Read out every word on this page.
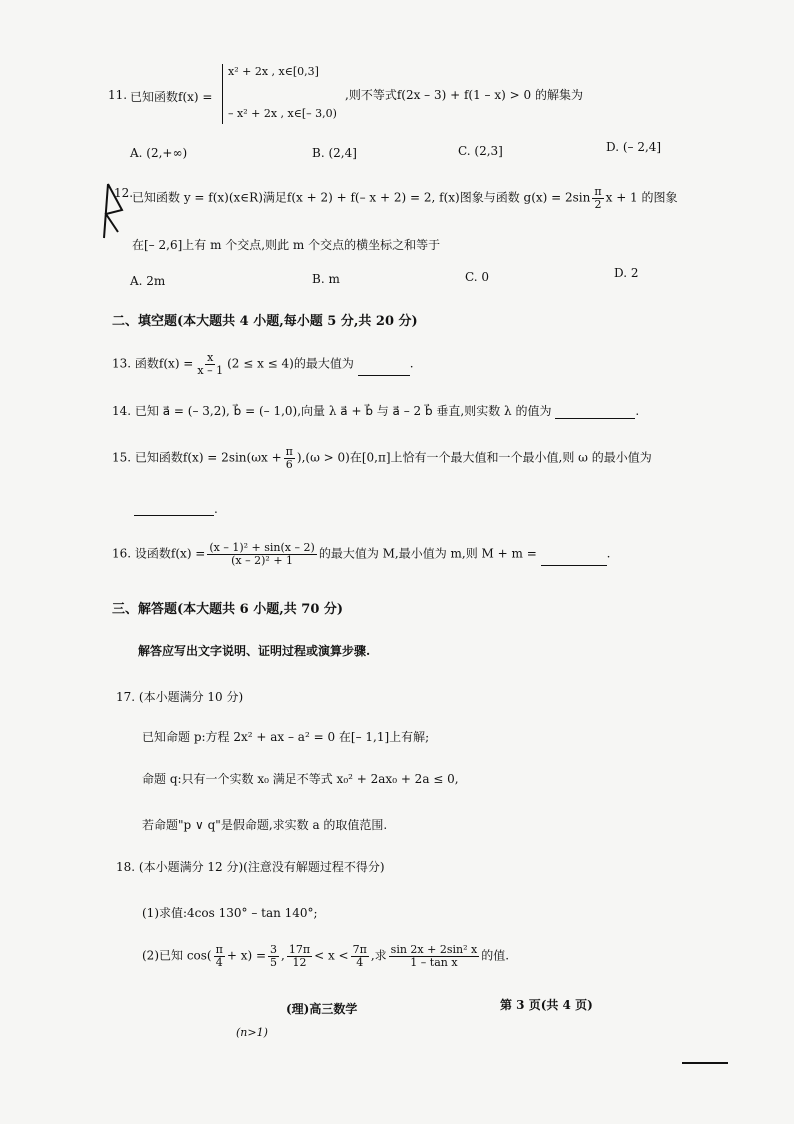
11. 已知函数f(x) =
x² + 2x , x∈[0,3]
– x² + 2x , x∈[– 3,0)
,则不等式f(2x – 3) + f(1 – x) > 0 的解集为
A. (2,+∞)	B. (2,4]	C. (2,3]	D. (– 2,4]
12.
已知函数 y = f(x)(x∈R)满足f(x + 2) + f(– x + 2) = 2, f(x)图象与函数 $g(x) = 2\sin \frac{\pi}{2}$ x + 1 的图象
在[– 2,6]上有 m 个交点,则此 m 个交点的横坐标之和等于
A. 2m	B. m	C. 0	D. 2
二、填空题(本大题共 4 小题,每小题 5 分,共 20 分)
13. 函数$f(x) = \frac{x}{x - 1} (2 \le x \le 4)$的最大值为	.
14. 已知 a⃗ = (– 3,2), b⃗ = (– 1,0),向量 λ a⃗ + b⃗ 与 a⃗ – 2 b⃗ 垂直,则实数 λ 的值为	.
15. 已知函数$f(x) = 2\sin(\omega x + \frac{\pi}{6} ),(\omega > 0)$在[0,π]上恰有一个最大值和一个最小值,则 ω 的最小值为
.
16. 设函数$f(x) = \frac{\text{(x – 1)² + sin(x – 2)}}{\text{(x – 2)² + 1}}$ 的最大值为 M,最小值为 m,则 M + m =	.
三、解答题(本大题共 6 小题,共 70 分)
解答应写出文字说明、证明过程或演算步骤.
17. (本小题满分 10 分)
已知命题 p:方程 2x² + ax – a² = 0 在[– 1,1]上有解;
命题 q:只有一个实数 x₀ 满足不等式 x₀² + 2ax₀ + 2a ≤ 0,
若命题"p ∨ q"是假命题,求实数 a 的取值范围.
18. (本小题满分 12 分)(注意没有解题过程不得分)
(1)求值:4cos 130° – tan 140°;
(2)已知 $\cos( \frac{\pi}{4} + x) = \frac{3}{5}$ , $\frac{17\pi}{12} < x < \frac{7\pi}{4}$ ,求 $\frac{\text{sin 2x + 2sin² x}}{\text{1 – tan x}}$ 的值.
(理)高三数学	第 3 页(共 4 页)
(n>1)
